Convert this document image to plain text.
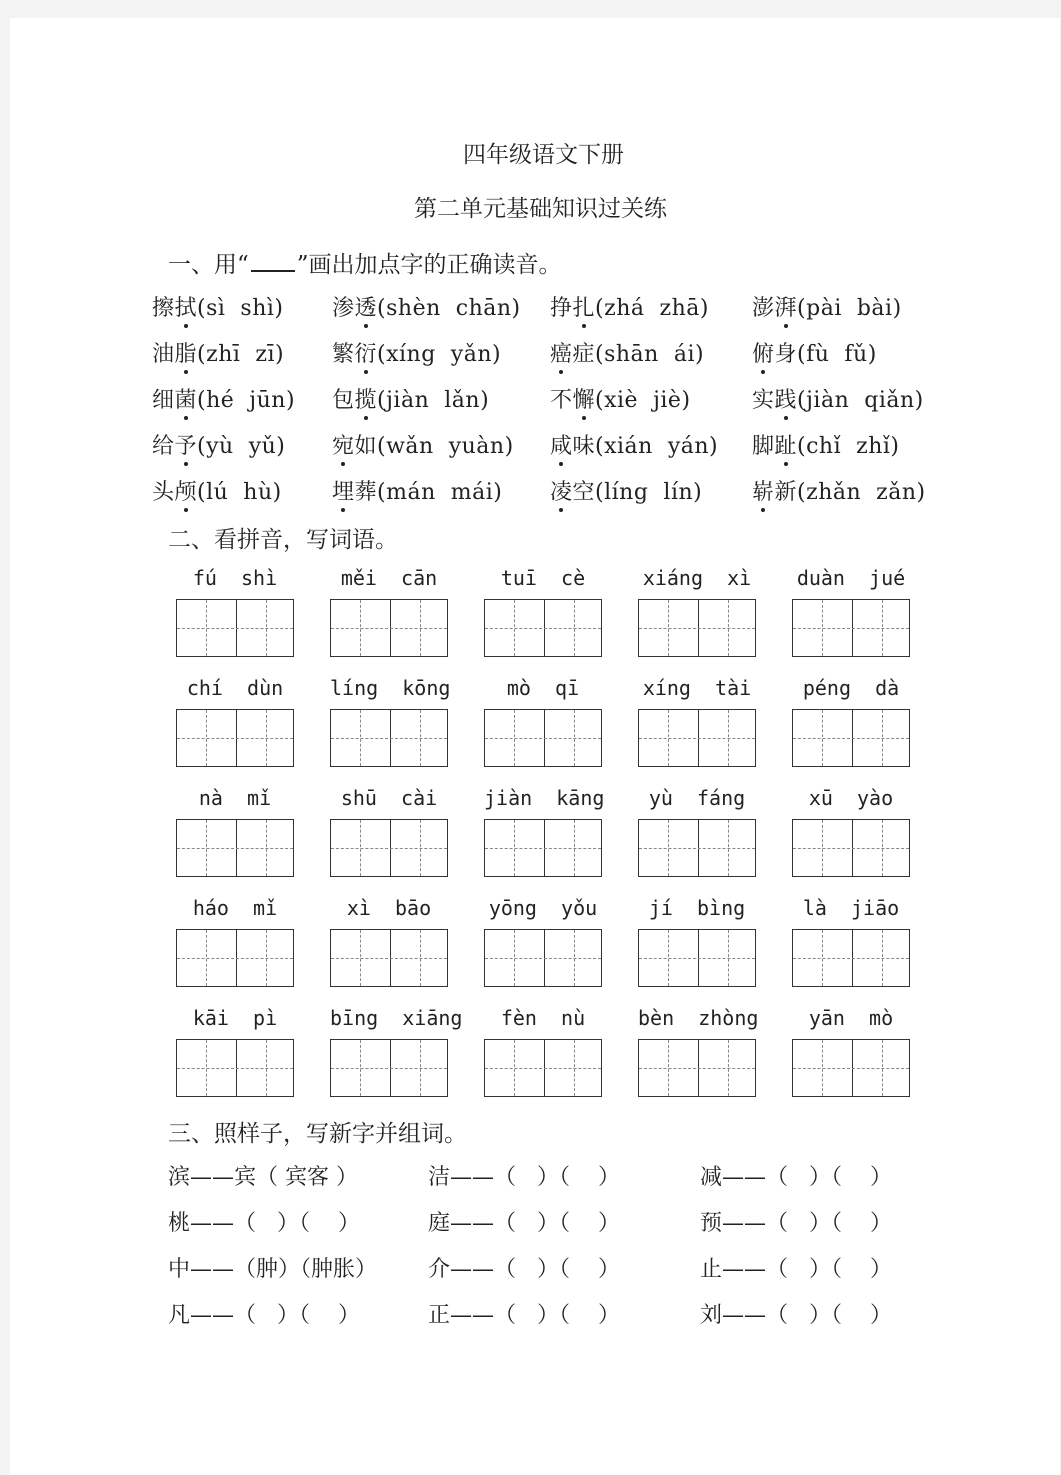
四年级语文下册
第二单元基础知识过关练
一、用“ ”画出加点字的正确读音。
擦拭(sì  shì) 渗透(shèn  chān) 挣扎(zhá  zhā) 澎湃(pài  bài)
油脂(zhī  zī) 繁衍(xíng  yǎn) 癌症(shān  ái) 俯身(fù  fǔ)
细菌(hé  jūn) 包揽(jiàn  lǎn)	不懈(xiè  jiè)	实践(jiàn  qiǎn)
给予(yù  yǔ) 宛如(wǎn  yuàn) 咸味(xián  yán) 脚趾(chǐ  zhǐ)
头颅(lú  hù) 埋葬(mán  mái) 凌空(líng  lín) 崭新(zhǎn  zǎn)
二、看拼音，写词语。
fú  shì	měi  cān	tuī  cè	xiáng  xì duàn  jué
chí  dùn	líng  kōng	mò  qī	xíng  tài	péng  dà
nà  mǐ	shū  cài	jiàn  kāng	yù  fáng	xū  yào
háo  mǐ	xì  bāo	yōng  yǒu	jí  bìng	là  jiāo
kāi  pì	bīng  xiāng	fèn  nù	bèn  zhòng	yān  mò
三、照样子，写新字并组词。
滨——宾（ 宾客 ）	洁——（   ）（    ）	减——（   ）（    ）
桃——（   ）（    ）	庭——（   ）（    ）	预——（   ）（    ）
中——（肿）（肿胀） 介——（   ）（    ）	止——（   ）（    ）
凡——（   ）（    ）	正——（   ）（    ）	刘——（   ）（    ）
